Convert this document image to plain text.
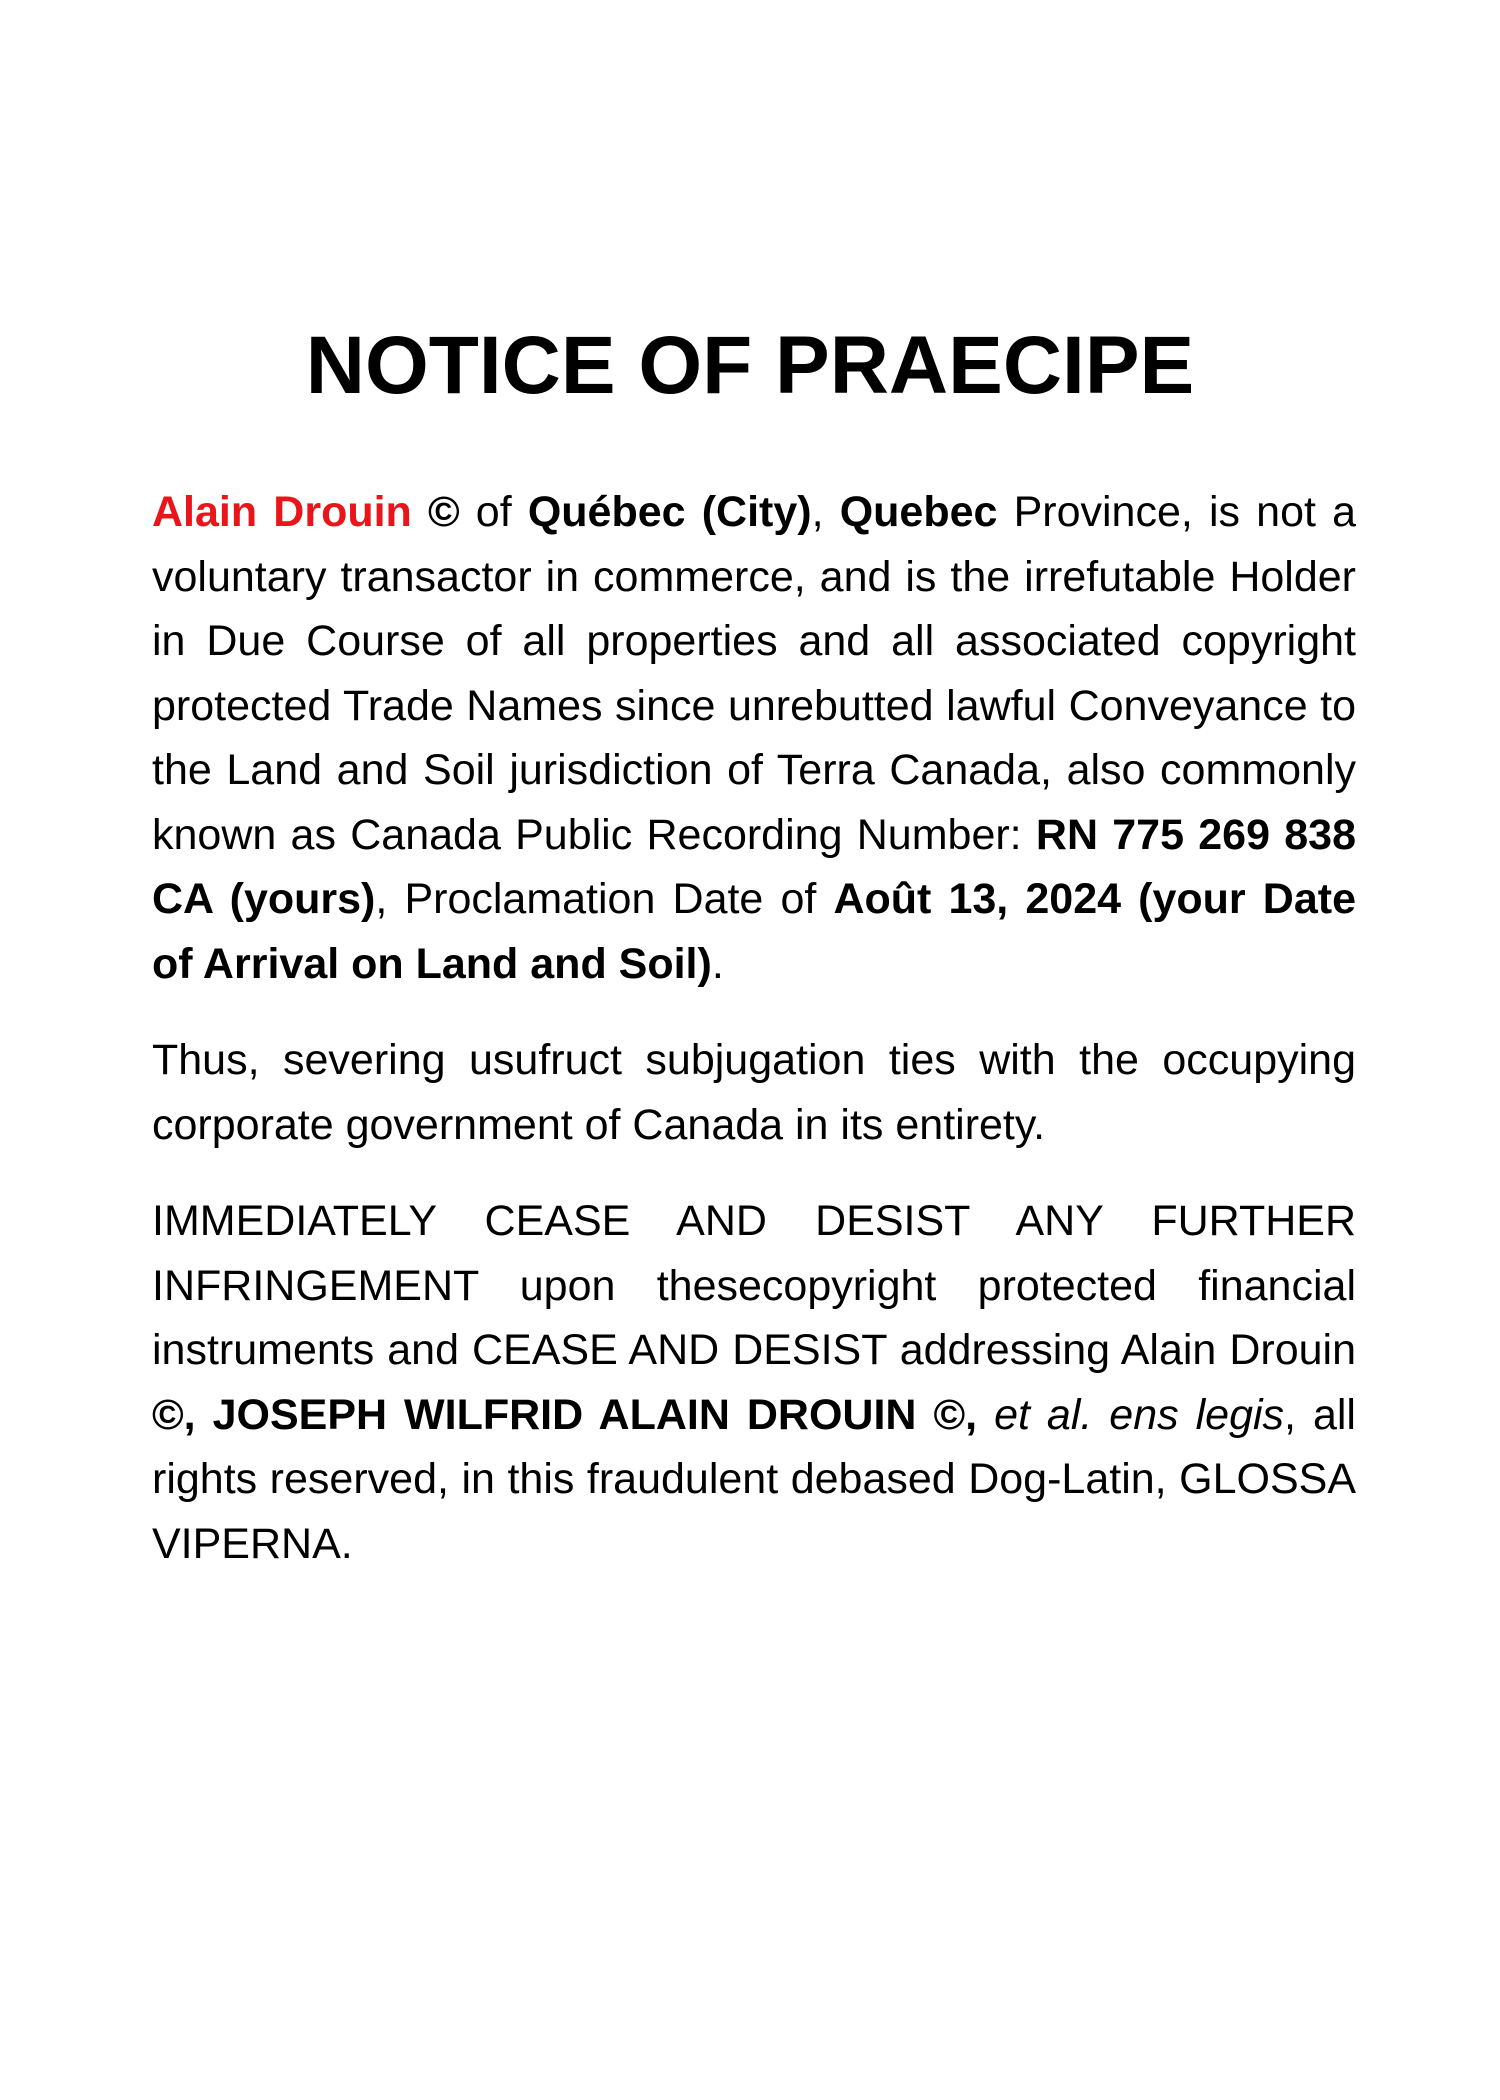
NOTICE OF PRAECIPE

Alain Drouin © of Québec (City), Quebec Province, is not a voluntary transactor in commerce, and is the irrefutable Holder in Due Course of all properties and all associated copyright protected Trade Names since unrebutted lawful Conveyance to the Land and Soil jurisdiction of Terra Canada, also commonly known as Canada Public Recording Number: RN 775 269 838 CA (yours), Proclamation Date of Août 13, 2024 (your Date of Arrival on Land and Soil).

Thus, severing usufruct subjugation ties with the occupying corporate government of Canada in its entirety.

IMMEDIATELY CEASE AND DESIST ANY FURTHER INFRINGEMENT upon thesecopyright protected financial instruments and CEASE AND DESIST addressing Alain Drouin ©, JOSEPH WILFRID ALAIN DROUIN ©, et al. ens legis, all rights reserved, in this fraudulent debased Dog-Latin, GLOSSA VIPERNA.
